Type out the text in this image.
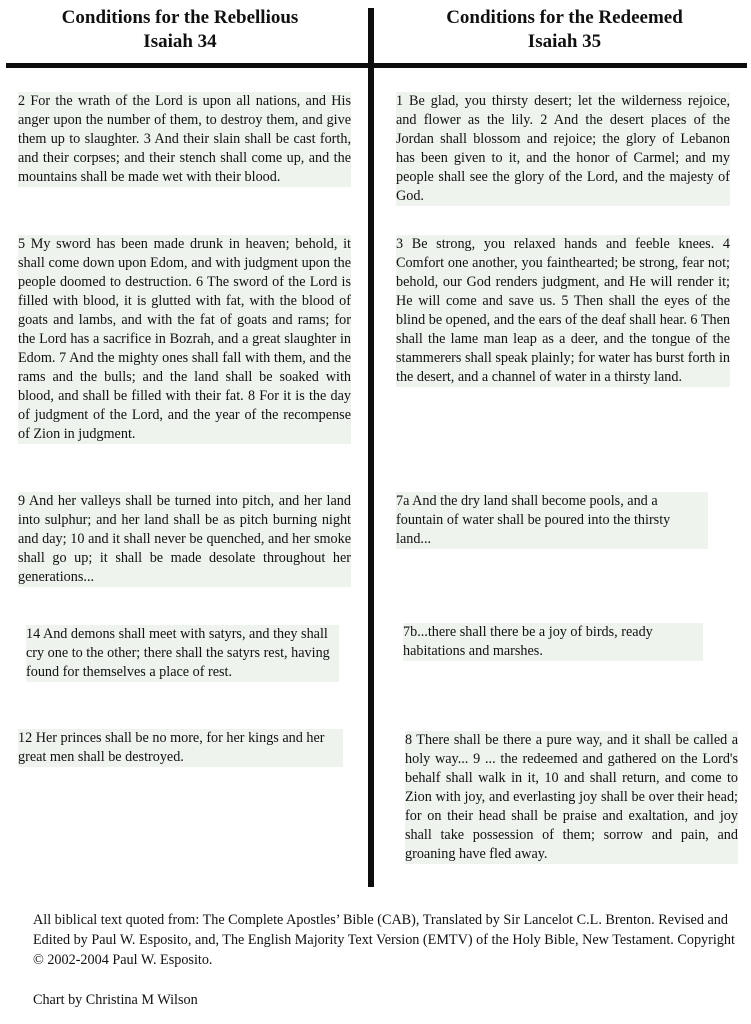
Conditions for the Rebellious
Isaiah 34
Conditions for the Redeemed
Isaiah 35

2 For the wrath of the Lord is upon all nations, and His anger upon the number of them, to destroy them, and give them up to slaughter. 3 And their slain shall be cast forth, and their corpses; and their stench shall come up, and the mountains shall be made wet with their blood.

5 My sword has been made drunk in heaven; behold, it shall come down upon Edom, and with judgment upon the people doomed to destruction. 6 The sword of the Lord is filled with blood, it is glutted with fat, with the blood of goats and lambs, and with the fat of goats and rams; for the Lord has a sacrifice in Bozrah, and a great slaughter in Edom. 7 And the mighty ones shall fall with them, and the rams and the bulls; and the land shall be soaked with blood, and shall be filled with their fat. 8 For it is the day of judgment of the Lord, and the year of the recompense of Zion in judgment.

9 And her valleys shall be turned into pitch, and her land into sulphur; and her land shall be as pitch burning night and day; 10 and it shall never be quenched, and her smoke shall go up; it shall be made desolate throughout her generations...

14 And demons shall meet with satyrs, and they shall cry one to the other; there shall the satyrs rest, having found for themselves a place of rest.

12 Her princes shall be no more, for her kings and her great men shall be destroyed.

1 Be glad, you thirsty desert; let the wilderness rejoice, and flower as the lily. 2 And the desert places of the Jordan shall blossom and rejoice; the glory of Lebanon has been given to it, and the honor of Carmel; and my people shall see the glory of the Lord, and the majesty of God.

3 Be strong, you relaxed hands and feeble knees. 4 Comfort one another, you fainthearted; be strong, fear not; behold, our God renders judgment, and He will render it; He will come and save us. 5 Then shall the eyes of the blind be opened, and the ears of the deaf shall hear. 6 Then shall the lame man leap as a deer, and the tongue of the stammerers shall speak plainly; for water has burst forth in the desert, and a channel of water in a thirsty land.

7a And the dry land shall become pools, and a fountain of water shall be poured into the thirsty land...

7b...there shall there be a joy of birds, ready habitations and marshes.

8 There shall be there a pure way, and it shall be called a holy way... 9 ... the redeemed and gathered on the Lord's behalf shall walk in it, 10 and shall return, and come to Zion with joy, and everlasting joy shall be over their head; for on their head shall be praise and exaltation, and joy shall take possession of them; sorrow and pain, and groaning have fled away.

All biblical text quoted from: The Complete Apostles’ Bible (CAB), Translated by Sir Lancelot C.L. Brenton. Revised and Edited by Paul W. Esposito, and, The English Majority Text Version (EMTV) of the Holy Bible, New Testament. Copyright © 2002-2004 Paul W. Esposito.
Chart by Christina M Wilson
